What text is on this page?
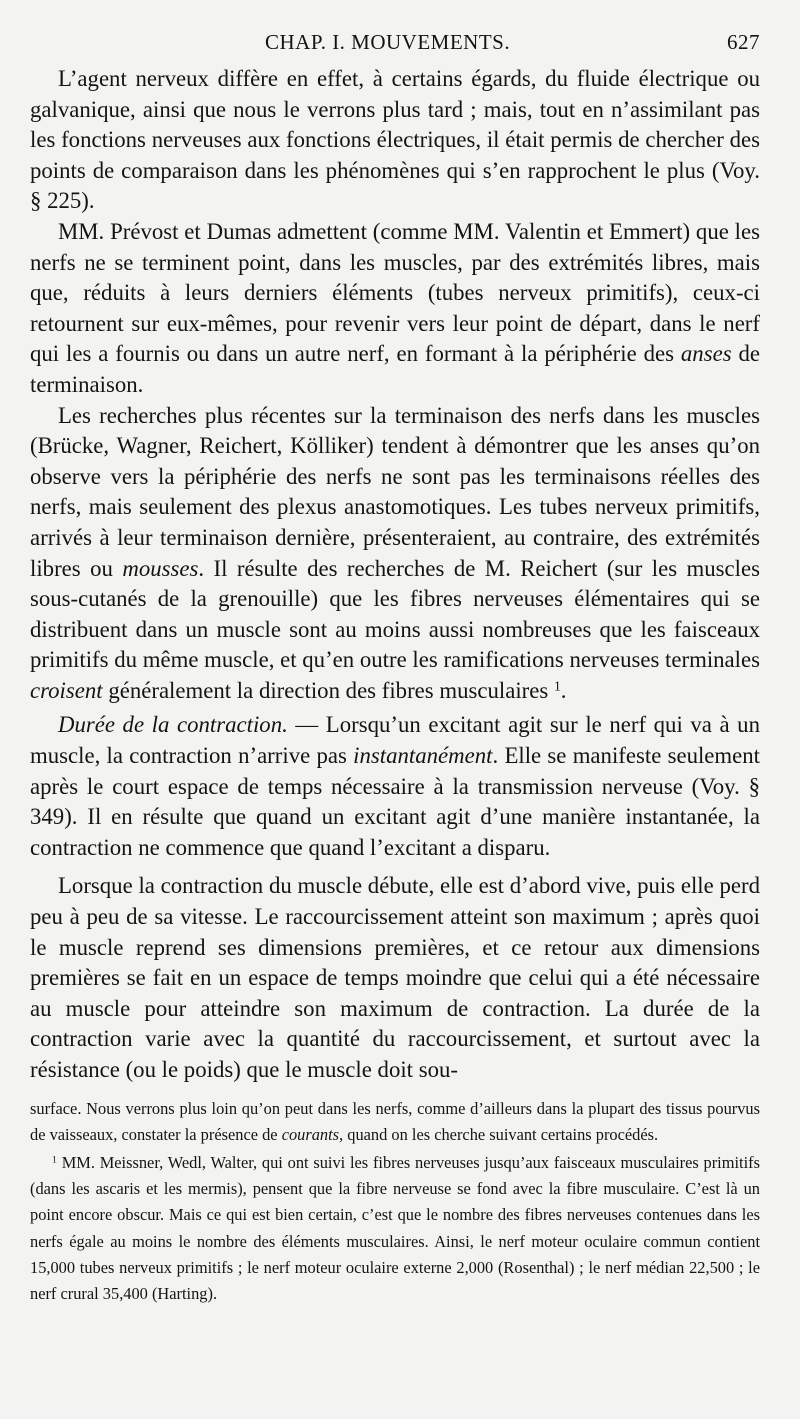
CHAP. I. MOUVEMENTS.	627

L’agent nerveux diffère en effet, à certains égards, du fluide électrique ou galvanique, ainsi que nous le verrons plus tard ; mais, tout en n’assimilant pas les fonctions nerveuses aux fonctions électriques, il était permis de chercher des points de comparaison dans les phénomènes qui s’en rapprochent le plus (Voy. § 225).

MM. Prévost et Dumas admettent (comme MM. Valentin et Emmert) que les nerfs ne se terminent point, dans les muscles, par des extrémités libres, mais que, réduits à leurs derniers éléments (tubes nerveux primitifs), ceux-ci retournent sur eux-mêmes, pour revenir vers leur point de départ, dans le nerf qui les a fournis ou dans un autre nerf, en formant à la périphérie des anses de terminaison.

Les recherches plus récentes sur la terminaison des nerfs dans les muscles (Brücke, Wagner, Reichert, Kölliker) tendent à démontrer que les anses qu’on observe vers la périphérie des nerfs ne sont pas les terminaisons réelles des nerfs, mais seulement des plexus anastomotiques. Les tubes nerveux primitifs, arrivés à leur terminaison dernière, présenteraient, au contraire, des extrémités libres ou mousses. Il résulte des recherches de M. Reichert (sur les muscles sous-cutanés de la grenouille) que les fibres nerveuses élémentaires qui se distribuent dans un muscle sont au moins aussi nombreuses que les faisceaux primitifs du même muscle, et qu’en outre les ramifications nerveuses terminales croisent généralement la direction des fibres musculaires $^1$.

Durée de la contraction. — Lorsqu’un excitant agit sur le nerf qui va à un muscle, la contraction n’arrive pas instantanément. Elle se manifeste seulement après le court espace de temps nécessaire à la transmission nerveuse (Voy. § 349). Il en résulte que quand un excitant agit d’une manière instantanée, la contraction ne commence que quand l’excitant a disparu.

Lorsque la contraction du muscle débute, elle est d’abord vive, puis elle perd peu à peu de sa vitesse. Le raccourcissement atteint son maximum ; après quoi le muscle reprend ses dimensions premières, et ce retour aux dimensions premières se fait en un espace de temps moindre que celui qui a été nécessaire au muscle pour atteindre son maximum de contraction. La durée de la contraction varie avec la quantité du raccourcissement, et surtout avec la résistance (ou le poids) que le muscle doit sou-

surface. Nous verrons plus loin qu’on peut dans les nerfs, comme d’ailleurs dans la plupart des tissus pourvus de vaisseaux, constater la présence de courants, quand on les cherche suivant certains procédés.

$^1$ MM. Meissner, Wedl, Walter, qui ont suivi les fibres nerveuses jusqu’aux faisceaux musculaires primitifs (dans les ascaris et les mermis), pensent que la fibre nerveuse se fond avec la fibre musculaire. C’est là un point encore obscur. Mais ce qui est bien certain, c’est que le nombre des fibres nerveuses contenues dans les nerfs égale au moins le nombre des éléments musculaires. Ainsi, le nerf moteur oculaire commun contient 15,000 tubes nerveux primitifs ; le nerf moteur oculaire externe 2,000 (Rosenthal) ; le nerf médian 22,500 ; le nerf crural 35,400 (Harting).
